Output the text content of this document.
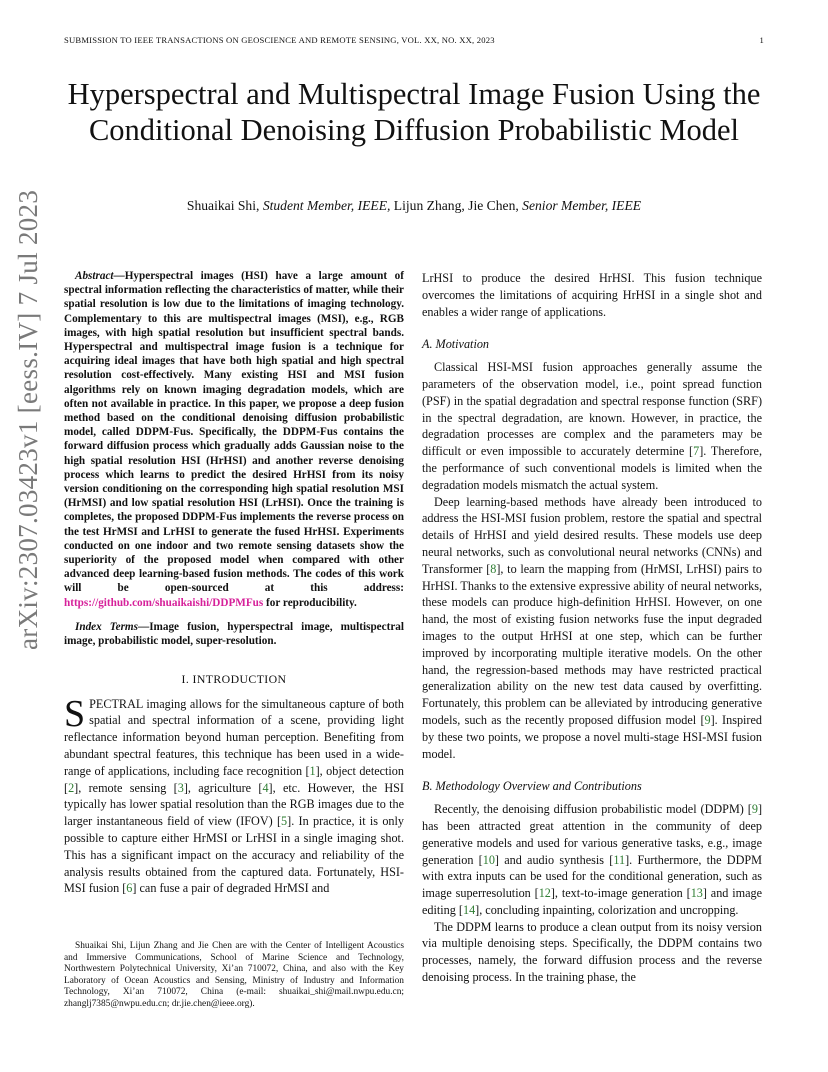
SUBMISSION TO IEEE TRANSACTIONS ON GEOSCIENCE AND REMOTE SENSING, VOL. XX, NO. XX, 2023	1
arXiv:2307.03423v1 [eess.IV] 7 Jul 2023
Hyperspectral and Multispectral Image Fusion Using the Conditional Denoising Diffusion Probabilistic Model
Shuaikai Shi, Student Member, IEEE, Lijun Zhang, Jie Chen, Senior Member, IEEE

Abstract—Hyperspectral images (HSI) have a large amount of spectral information reflecting the characteristics of matter, while their spatial resolution is low due to the limitations of imaging technology. Complementary to this are multispectral images (MSI), e.g., RGB images, with high spatial resolution but insufficient spectral bands. Hyperspectral and multispectral image fusion is a technique for acquiring ideal images that have both high spatial and high spectral resolution cost-effectively. Many existing HSI and MSI fusion algorithms rely on known imaging degradation models, which are often not available in practice. In this paper, we propose a deep fusion method based on the conditional denoising diffusion probabilistic model, called DDPM-Fus. Specifically, the DDPM-Fus contains the forward diffusion process which gradually adds Gaussian noise to the high spatial resolution HSI (HrHSI) and another reverse denoising process which learns to predict the desired HrHSI from its noisy version conditioning on the corresponding high spatial resolution MSI (HrMSI) and low spatial resolution HSI (LrHSI). Once the training is completes, the proposed DDPM-Fus implements the reverse process on the test HrMSI and LrHSI to generate the fused HrHSI. Experiments conducted on one indoor and two remote sensing datasets show the superiority of the proposed model when compared with other advanced deep learning-based fusion methods. The codes of this work will be open-sourced at this address: https://github.com/shuaikaishi/DDPMFus for reproducibility.

Index Terms—Image fusion, hyperspectral image, multispectral image, probabilistic model, super-resolution.

I. INTRODUCTION

SPECTRAL imaging allows for the simultaneous capture of both spatial and spectral information of a scene, providing light reflectance information beyond human perception. Benefiting from abundant spectral features, this technique has been used in a wide-range of applications, including face recognition [1], object detection [2], remote sensing [3], agriculture [4], etc. However, the HSI typically has lower spatial resolution than the RGB images due to the larger instantaneous field of view (IFOV) [5]. In practice, it is only possible to capture either HrMSI or LrHSI in a single imaging shot. This has a significant impact on the accuracy and reliability of the analysis results obtained from the captured data. Fortunately, HSI-MSI fusion [6] can fuse a pair of degraded HrMSI and

Shuaikai Shi, Lijun Zhang and Jie Chen are with the Center of Intelligent Acoustics and Immersive Communications, School of Marine Science and Technology, Northwestern Polytechnical University, Xi’an 710072, China, and also with the Key Laboratory of Ocean Acoustics and Sensing, Ministry of Industry and Information Technology, Xi’an 710072, China (e-mail: shuaikai_shi@mail.nwpu.edu.cn; zhanglj7385@nwpu.edu.cn; dr.jie.chen@ieee.org).

LrHSI to produce the desired HrHSI. This fusion technique overcomes the limitations of acquiring HrHSI in a single shot and enables a wider range of applications.

A. Motivation

Classical HSI-MSI fusion approaches generally assume the parameters of the observation model, i.e., point spread function (PSF) in the spatial degradation and spectral response function (SRF) in the spectral degradation, are known. However, in practice, the degradation processes are complex and the parameters may be difficult or even impossible to accurately determine [7]. Therefore, the performance of such conventional models is limited when the degradation models mismatch the actual system.

Deep learning-based methods have already been introduced to address the HSI-MSI fusion problem, restore the spatial and spectral details of HrHSI and yield desired results. These models use deep neural networks, such as convolutional neural networks (CNNs) and Transformer [8], to learn the mapping from (HrMSI, LrHSI) pairs to HrHSI. Thanks to the extensive expressive ability of neural networks, these models can produce high-definition HrHSI. However, on one hand, the most of existing fusion networks fuse the input degraded images to the output HrHSI at one step, which can be further improved by incorporating multiple iterative models. On the other hand, the regression-based methods may have restricted practical generalization ability on the new test data caused by overfitting. Fortunately, this problem can be alleviated by introducing generative models, such as the recently proposed diffusion model [9]. Inspired by these two points, we propose a novel multi-stage HSI-MSI fusion model.

B. Methodology Overview and Contributions

Recently, the denoising diffusion probabilistic model (DDPM) [9] has been attracted great attention in the community of deep generative models and used for various generative tasks, e.g., image generation [10] and audio synthesis [11]. Furthermore, the DDPM with extra inputs can be used for the conditional generation, such as image superresolution [12], text-to-image generation [13] and image editing [14], concluding inpainting, colorization and uncropping.

The DDPM learns to produce a clean output from its noisy version via multiple denoising steps. Specifically, the DDPM contains two processes, namely, the forward diffusion process and the reverse denoising process. In the training phase, the
